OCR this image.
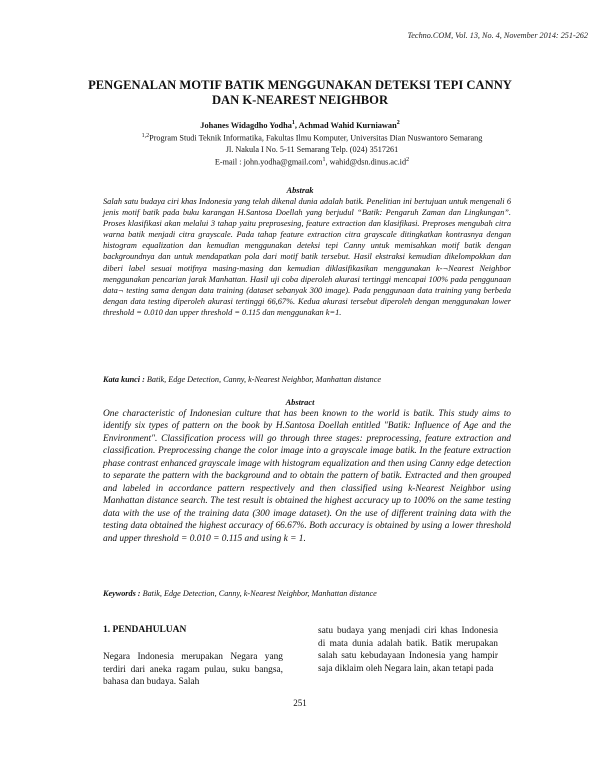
Techno.COM, Vol. 13, No. 4, November 2014: 251-262
PENGENALAN MOTIF BATIK MENGGUNAKAN DETEKSI TEPI CANNY DAN K-NEAREST NEIGHBOR
Johanes Widagdho Yodha$^1$, Achmad Wahid Kurniawan$^2$
$^{1,2}$Program Studi Teknik Informatika, Fakultas Ilmu Komputer, Universitas Dian Nuswantoro Semarang
Jl. Nakula I No. 5-11 Semarang Telp. (024) 3517261
E-mail : john.yodha@gmail.com$^1$, $wahid@dsn.dinus.ac.id^2$
Abstrak

Salah satu budaya ciri khas Indonesia yang telah dikenal dunia adalah batik. Penelitian ini bertujuan untuk mengenali 6 jenis motif batik pada buku karangan H.Santosa Doellah yang berjudul “Batik: Pengaruh Zaman dan Lingkungan”. Proses klasifikasi akan melalui 3 tahap yaitu preprosesing, feature extraction dan klasifikasi. Preproses mengubah citra warna batik menjadi citra grayscale. Pada tahap feature extraction citra grayscale ditingkatkan kontrasnya dengan histogram equalization dan kemudian menggunakan deteksi tepi Canny untuk memisahkan motif batik dengan backgroundnya dan untuk mendapatkan pola dari motif batik tersebut. Hasil ekstraksi kemudian dikelompokkan dan diberi label sesuai motifnya masing-masing dan kemudian diklasifikasikan menggunakan k-¬Nearest Neighbor menggunakan pencarian jarak Manhattan. Hasil uji coba diperoleh akurasi tertinggi mencapai 100% pada penggunaan data¬ testing sama dengan data training (dataset sebanyak 300 image). Pada penggunaan data training yang berbeda dengan data testing diperoleh akurasi tertinggi 66,67%. Kedua akurasi tersebut diperoleh dengan menggunakan lower threshold = 0.010 dan upper threshold = 0.115 dan menggunakan k=1.

Kata kunci : Batik, Edge Detection, Canny, k-Nearest Neighbor, Manhattan distance
Abstract

One characteristic of Indonesian culture that has been known to the world is batik. This study aims to identify six types of pattern on the book by H.Santosa Doellah entitled "Batik: Influence of Age and the Environment". Classification process will go through three stages: preprocessing, feature extraction and classification. Preprocessing change the color image into a grayscale image batik. In the feature extraction phase contrast enhanced grayscale image with histogram equalization and then using Canny edge detection to separate the pattern with the background and to obtain the pattern of batik. Extracted and then grouped and labeled in accordance pattern respectively and then classified using k-Nearest Neighbor using Manhattan distance search. The test result is obtained the highest accuracy up to 100% on the same testing data with the use of the training data (300 image dataset). On the use of different training data with the testing data obtained the highest accuracy of 66.67%. Both accuracy is obtained by using a lower threshold and upper threshold = 0.010 = 0.115 and using k = 1.

Keywords : Batik, Edge Detection, Canny, k-Nearest Neighbor, Manhattan distance
1. PENDAHULUAN

Negara Indonesia merupakan Negara yang terdiri dari aneka ragam pulau, suku bangsa, bahasa dan budaya. Salah

satu budaya yang menjadi ciri khas Indonesia di mata dunia adalah batik. Batik merupakan salah satu kebudayaan Indonesia yang hampir saja diklaim oleh Negara lain, akan tetapi pada

251
